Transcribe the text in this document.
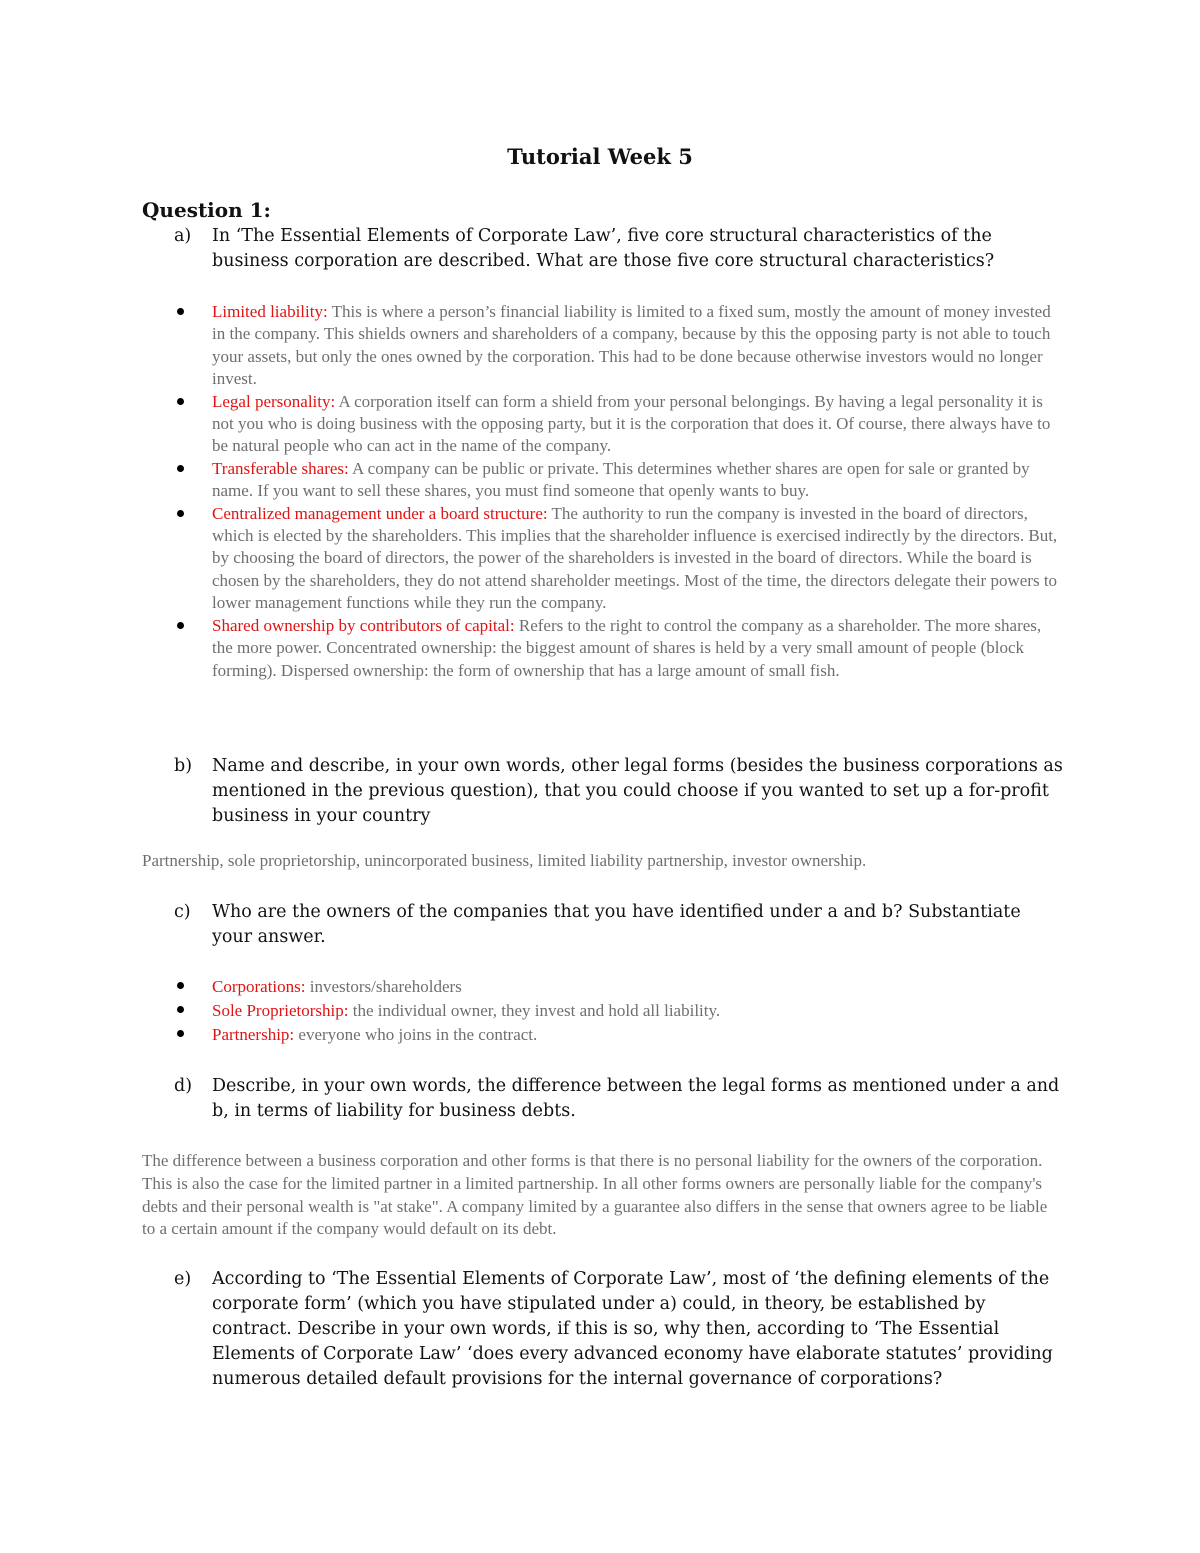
Tutorial Week 5
Question 1:
a) In ‘The Essential Elements of Corporate Law’, five core structural characteristics of the business corporation are described. What are those five core structural characteristics?
Limited liability: This is where a person’s financial liability is limited to a fixed sum, mostly the amount of money invested in the company. This shields owners and shareholders of a company, because by this the opposing party is not able to touch your assets, but only the ones owned by the corporation. This had to be done because otherwise investors would no longer invest.
Legal personality: A corporation itself can form a shield from your personal belongings. By having a legal personality it is not you who is doing business with the opposing party, but it is the corporation that does it. Of course, there always have to be natural people who can act in the name of the company.
Transferable shares: A company can be public or private. This determines whether shares are open for sale or granted by name. If you want to sell these shares, you must find someone that openly wants to buy.
Centralized management under a board structure: The authority to run the company is invested in the board of directors, which is elected by the shareholders. This implies that the shareholder influence is exercised indirectly by the directors. But, by choosing the board of directors, the power of the shareholders is invested in the board of directors. While the board is chosen by the shareholders, they do not attend shareholder meetings. Most of the time, the directors delegate their powers to lower management functions while they run the company.
Shared ownership by contributors of capital: Refers to the right to control the company as a shareholder. The more shares, the more power. Concentrated ownership: the biggest amount of shares is held by a very small amount of people (block forming). Dispersed ownership: the form of ownership that has a large amount of small fish.
b) Name and describe, in your own words, other legal forms (besides the business corporations as mentioned in the previous question), that you could choose if you wanted to set up a for-profit business in your country
Partnership, sole proprietorship, unincorporated business, limited liability partnership, investor ownership.
c) Who are the owners of the companies that you have identified under a and b? Substantiate your answer.
Corporations: investors/shareholders
Sole Proprietorship: the individual owner, they invest and hold all liability.
Partnership: everyone who joins in the contract.
d) Describe, in your own words, the difference between the legal forms as mentioned under a and b, in terms of liability for business debts.
The difference between a business corporation and other forms is that there is no personal liability for the owners of the corporation. This is also the case for the limited partner in a limited partnership. In all other forms owners are personally liable for the company's debts and their personal wealth is "at stake". A company limited by a guarantee also differs in the sense that owners agree to be liable to a certain amount if the company would default on its debt.
e) According to ‘The Essential Elements of Corporate Law’, most of ‘the defining elements of the corporate form’ (which you have stipulated under a) could, in theory, be established by contract. Describe in your own words, if this is so, why then, according to ‘The Essential Elements of Corporate Law’ ‘does every advanced economy have elaborate statutes’ providing numerous detailed default provisions for the internal governance of corporations?
